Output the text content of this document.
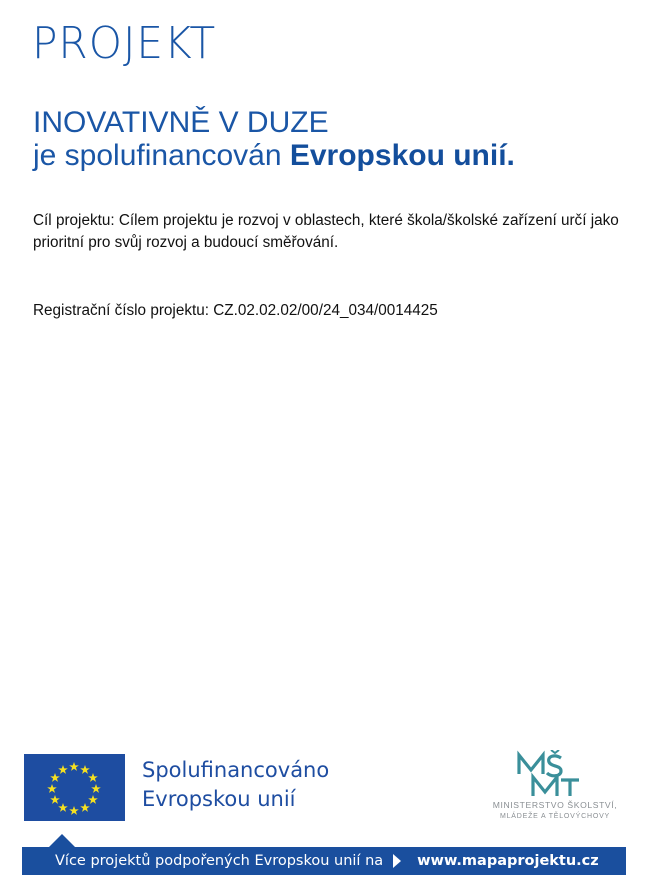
PROJEKT
INOVATIVNĚ V DUZE
je spolufinancován Evropskou unií.
Cíl projektu: Cílem projektu je rozvoj v oblastech, které škola/školské zařízení určí jako prioritní pro svůj rozvoj a budoucí směřování.
Registrační číslo projektu: CZ.02.02.02/00/24_034/0014425
Spolufinancováno
Evropskou unií	MINISTERSTVO ŠKOLSTVÍ,
MLÁDEŽE A TĚLOVÝCHOVY
Více projektů podpořených Evropskou unií na www.mapaprojektu.cz
